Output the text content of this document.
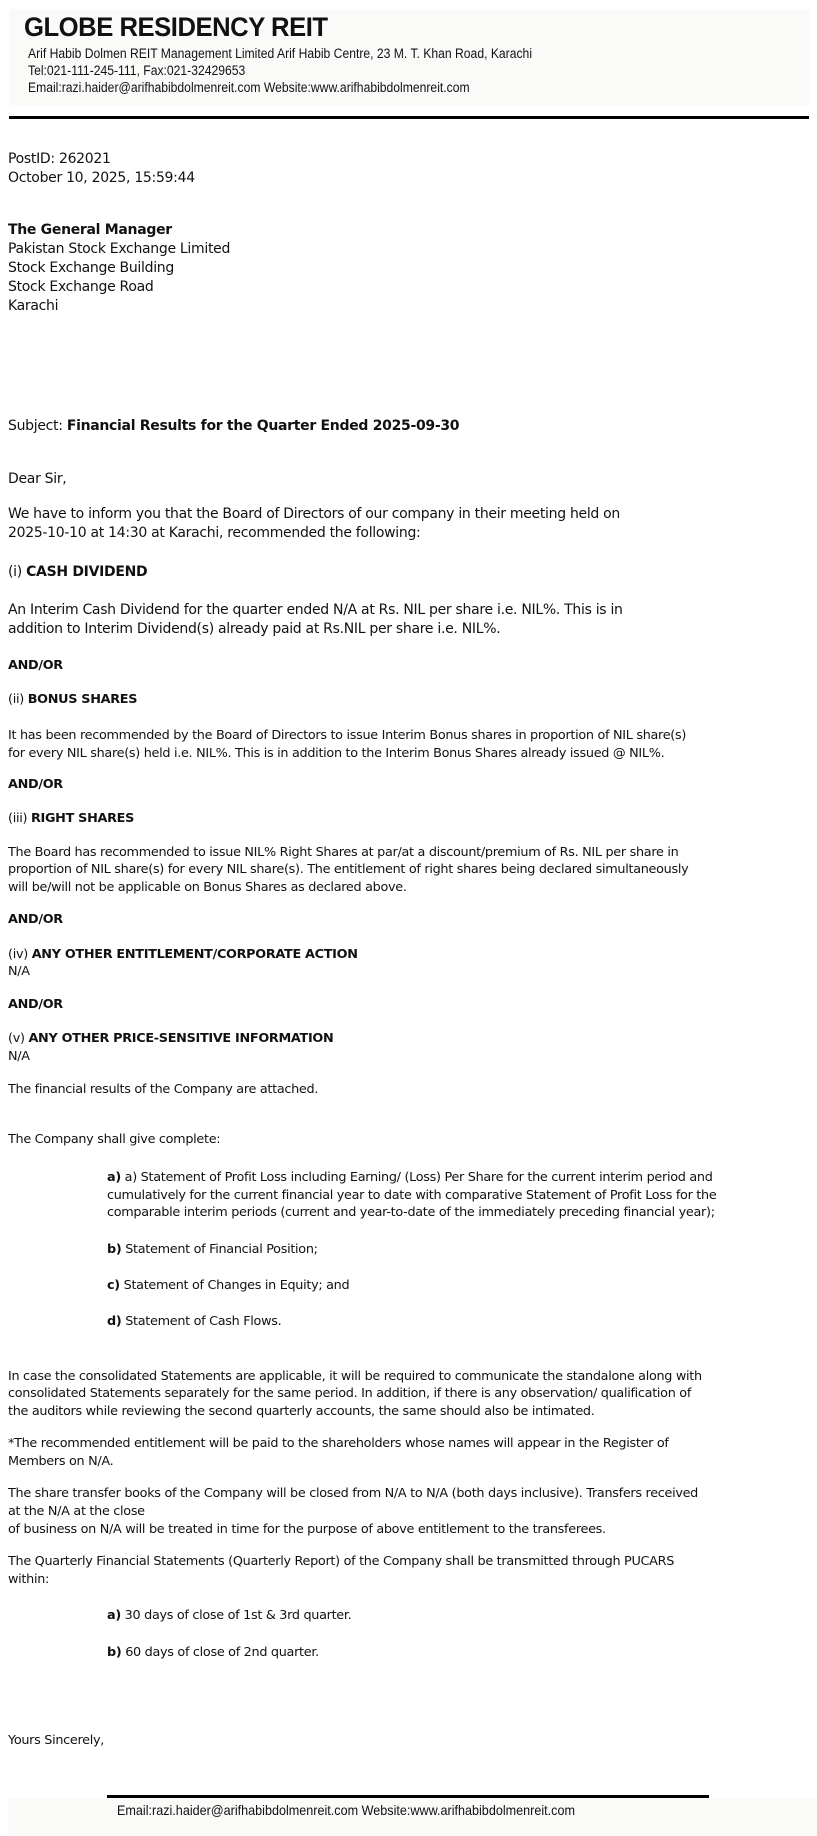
GLOBE RESIDENCY REIT
Arif Habib Dolmen REIT Management Limited Arif Habib Centre, 23 M. T. Khan Road, Karachi
Tel:021-111-245-111, Fax:021-32429653
Email:razi.haider@arifhabibdolmenreit.com Website:www.arifhabibdolmenreit.com
PostID: 262021
October 10, 2025, 15:59:44
The General Manager
Pakistan Stock Exchange Limited
Stock Exchange Building
Stock Exchange Road
Karachi
Subject: Financial Results for the Quarter Ended 2025-09-30
Dear Sir,
We have to inform you that the Board of Directors of our company in their meeting held on
2025-10-10 at 14:30 at Karachi, recommended the following:
(i) CASH DIVIDEND
An Interim Cash Dividend for the quarter ended N/A at Rs. NIL per share i.e. NIL%. This is in
addition to Interim Dividend(s) already paid at Rs.NIL per share i.e. NIL%.
AND/OR
(ii) BONUS SHARES
It has been recommended by the Board of Directors to issue Interim Bonus shares in proportion of NIL share(s)
for every NIL share(s) held i.e. NIL%. This is in addition to the Interim Bonus Shares already issued @ NIL%.
AND/OR
(iii) RIGHT SHARES
The Board has recommended to issue NIL% Right Shares at par/at a discount/premium of Rs. NIL per share in
proportion of NIL share(s) for every NIL share(s). The entitlement of right shares being declared simultaneously
will be/will not be applicable on Bonus Shares as declared above.
AND/OR
(iv) ANY OTHER ENTITLEMENT/CORPORATE ACTION
N/A
AND/OR
(v) ANY OTHER PRICE-SENSITIVE INFORMATION
N/A
The financial results of the Company are attached.
The Company shall give complete:
a) a) Statement of Profit Loss including Earning/ (Loss) Per Share for the current interim period and
cumulatively for the current financial year to date with comparative Statement of Profit Loss for the
comparable interim periods (current and year-to-date of the immediately preceding financial year);
b) Statement of Financial Position;
c) Statement of Changes in Equity; and
d) Statement of Cash Flows.
In case the consolidated Statements are applicable, it will be required to communicate the standalone along with
consolidated Statements separately for the same period. In addition, if there is any observation/ qualification of
the auditors while reviewing the second quarterly accounts, the same should also be intimated.
*The recommended entitlement will be paid to the shareholders whose names will appear in the Register of
Members on N/A.
The share transfer books of the Company will be closed from N/A to N/A (both days inclusive). Transfers received
at the N/A at the close
of business on N/A will be treated in time for the purpose of above entitlement to the transferees.
The Quarterly Financial Statements (Quarterly Report) of the Company shall be transmitted through PUCARS
within:
a) 30 days of close of 1st & 3rd quarter.
b) 60 days of close of 2nd quarter.
Yours Sincerely,
Email:razi.haider@arifhabibdolmenreit.com Website:www.arifhabibdolmenreit.com
